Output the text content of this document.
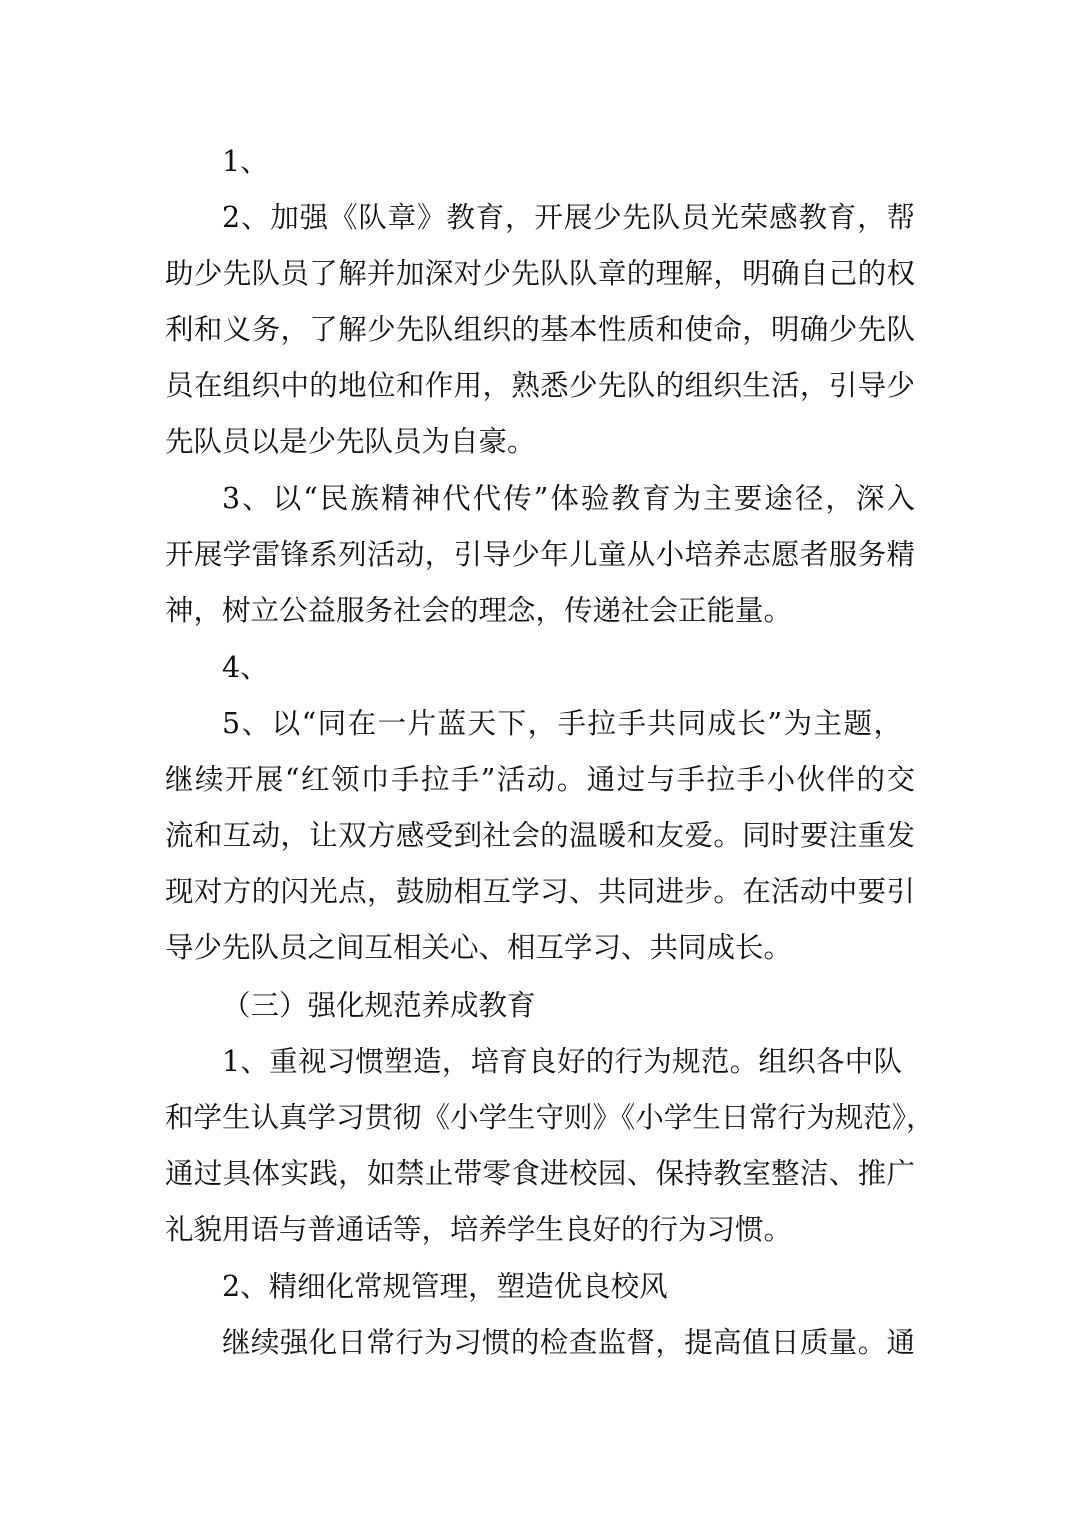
1、
2、加强《队章》教育，开展少先队员光荣感教育，帮
助少先队员了解并加深对少先队队章的理解，明确自己的权
利和义务，了解少先队组织的基本性质和使命，明确少先队
员在组织中的地位和作用，熟悉少先队的组织生活，引导少
先队员以是少先队员为自豪。
3、以“民族精神代代传”体验教育为主要途径，深入
开展学雷锋系列活动，引导少年儿童从小培养志愿者服务精
神，树立公益服务社会的理念，传递社会正能量。
4、
5、以“同在一片蓝天下，手拉手共同成长”为主题，
继续开展“红领巾手拉手”活动。通过与手拉手小伙伴的交
流和互动，让双方感受到社会的温暖和友爱。同时要注重发
现对方的闪光点，鼓励相互学习、共同进步。在活动中要引
导少先队员之间互相关心、相互学习、共同成长。
（三）强化规范养成教育
1、重视习惯塑造，培育良好的行为规范。组织各中队
和学生认真学习贯彻《小学生守则》《小学生日常行为规范》，
通过具体实践，如禁止带零食进校园、保持教室整洁、推广
礼貌用语与普通话等，培养学生良好的行为习惯。
2、精细化常规管理，塑造优良校风
继续强化日常行为习惯的检查监督，提高值日质量。通
